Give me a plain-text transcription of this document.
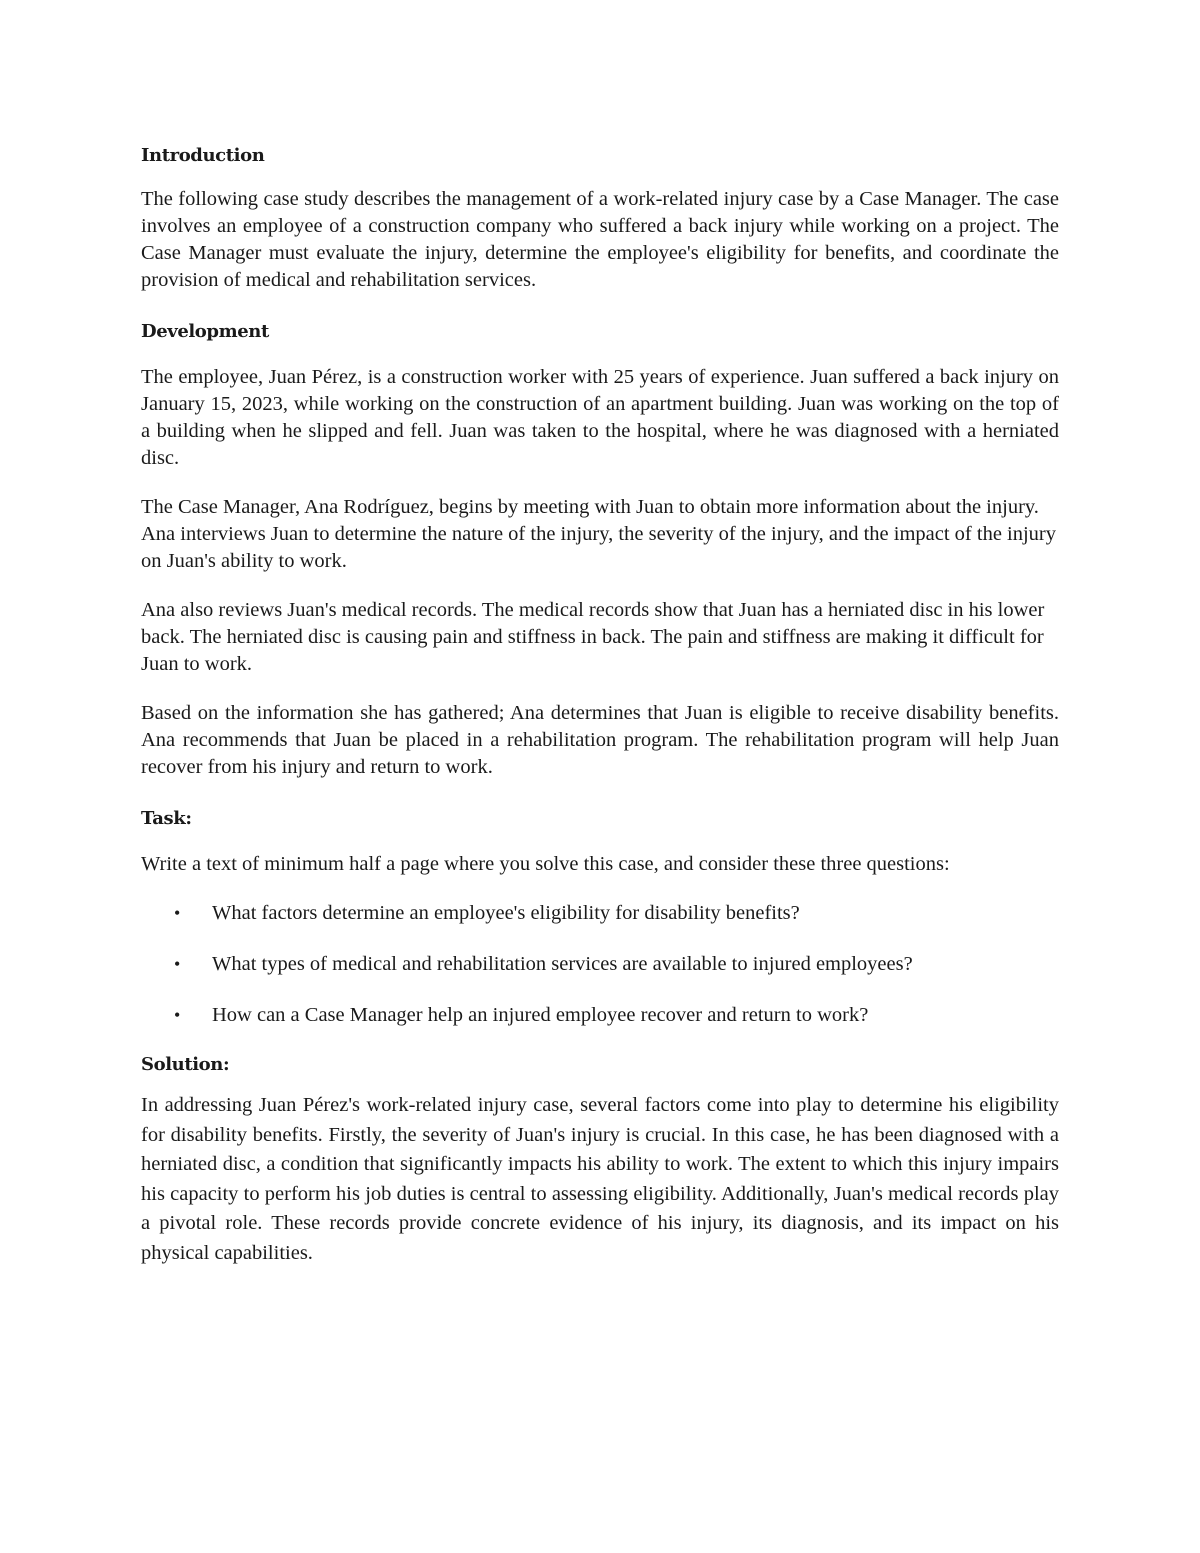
Introduction

The following case study describes the management of a work-related injury case by a Case Manager. The case involves an employee of a construction company who suffered a back injury while working on a project. The Case Manager must evaluate the injury, determine the employee's eligibility for benefits, and coordinate the provision of medical and rehabilitation services.

Development

The employee, Juan Pérez, is a construction worker with 25 years of experience. Juan suffered a back injury on January 15, 2023, while working on the construction of an apartment building. Juan was working on the top of a building when he slipped and fell. Juan was taken to the hospital, where he was diagnosed with a herniated disc.

The Case Manager, Ana Rodríguez, begins by meeting with Juan to obtain more information about the injury. Ana interviews Juan to determine the nature of the injury, the severity of the injury, and the impact of the injury on Juan's ability to work.

Ana also reviews Juan's medical records. The medical records show that Juan has a herniated disc in his lower back. The herniated disc is causing pain and stiffness in back. The pain and stiffness are making it difficult for Juan to work.

Based on the information she has gathered; Ana determines that Juan is eligible to receive disability benefits. Ana recommends that Juan be placed in a rehabilitation program. The rehabilitation program will help Juan recover from his injury and return to work.

Task:

Write a text of minimum half a page where you solve this case, and consider these three questions:

• What factors determine an employee's eligibility for disability benefits?
• What types of medical and rehabilitation services are available to injured employees?
• How can a Case Manager help an injured employee recover and return to work?
Solution:

In addressing Juan Pérez's work-related injury case, several factors come into play to determine his eligibility for disability benefits. Firstly, the severity of Juan's injury is crucial. In this case, he has been diagnosed with a herniated disc, a condition that significantly impacts his ability to work. The extent to which this injury impairs his capacity to perform his job duties is central to assessing eligibility. Additionally, Juan's medical records play a pivotal role. These records provide concrete evidence of his injury, its diagnosis, and its impact on his physical capabilities.
